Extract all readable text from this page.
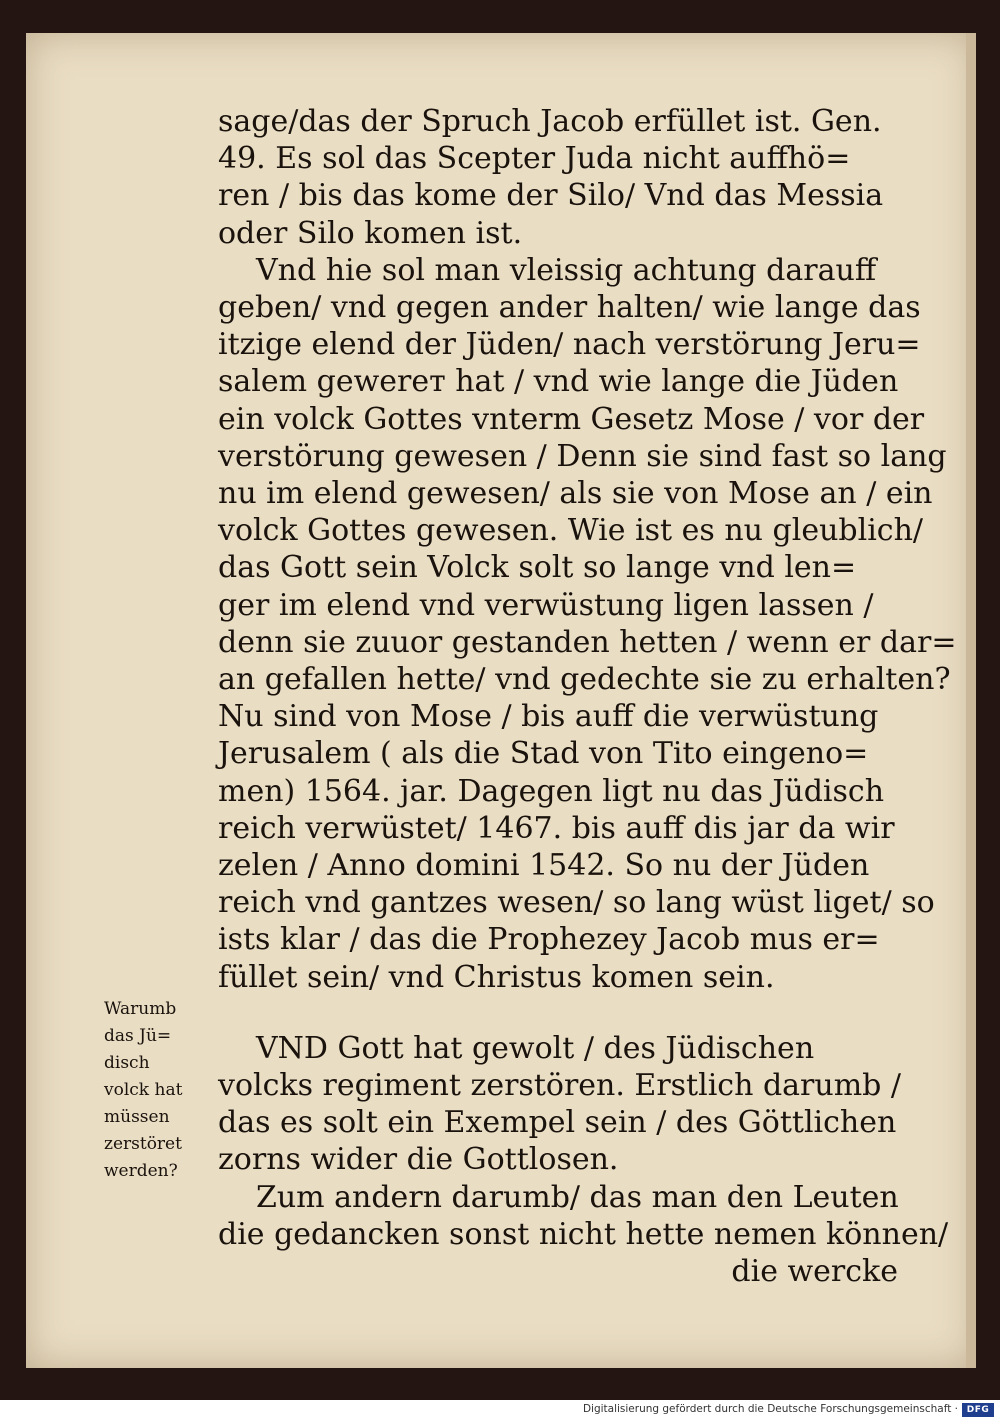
Warumb
das Jü=
disch
volck hat
müssen
zerstöret
werden?
sage/das der Spruch Jacob erfüllet ist. Gen.
49. Es sol das Scepter Juda nicht auffhö=
ren / bis das kome der Silo/ Vnd das Messia
oder Silo komen ist.
Vnd hie sol man vleissig achtung darauff
geben/ vnd gegen ander halten/ wie lange das
itzige elend der Jüden/ nach verstörung Jeru=
salem gewerет hat / vnd wie lange die Jüden
ein volck Gottes vnterm Gesetz Mose / vor der
verstörung gewesen / Denn sie sind fast so lang
nu im elend gewesen/ als sie von Mose an / ein
volck Gottes gewesen. Wie ist es nu gleublich/
das Gott sein Volck solt so lange vnd len=
ger im elend vnd verwüstung ligen lassen /
denn sie zuuor gestanden hetten / wenn er dar=
an gefallen hette/ vnd gedechte sie zu erhalten?
Nu sind von Mose / bis auff die verwüstung
Jerusalem ( als die Stad von Tito eingeno=
men) 1564. jar. Dagegen ligt nu das Jüdisch
reich verwüstet/ 1467. bis auff dis jar da wir
zelen / Anno domini 1542. So nu der Jüden
reich vnd gantzes wesen/ so lang wüst liget/ so
ists klar / das die Prophezey Jacob mus er=
füllet sein/ vnd Christus komen sein.
VND Gott hat gewolt / des Jüdischen
volcks regiment zerstören. Erstlich darumb /
das es solt ein Exempel sein / des Göttlichen
zorns wider die Gottlosen.
Zum andern darumb/ das man den Leuten
die gedancken sonst nicht hette nemen können/
die wercke
Digitalisierung gefördert durch die Deutsche Forschungsgemeinschaft · DFG
